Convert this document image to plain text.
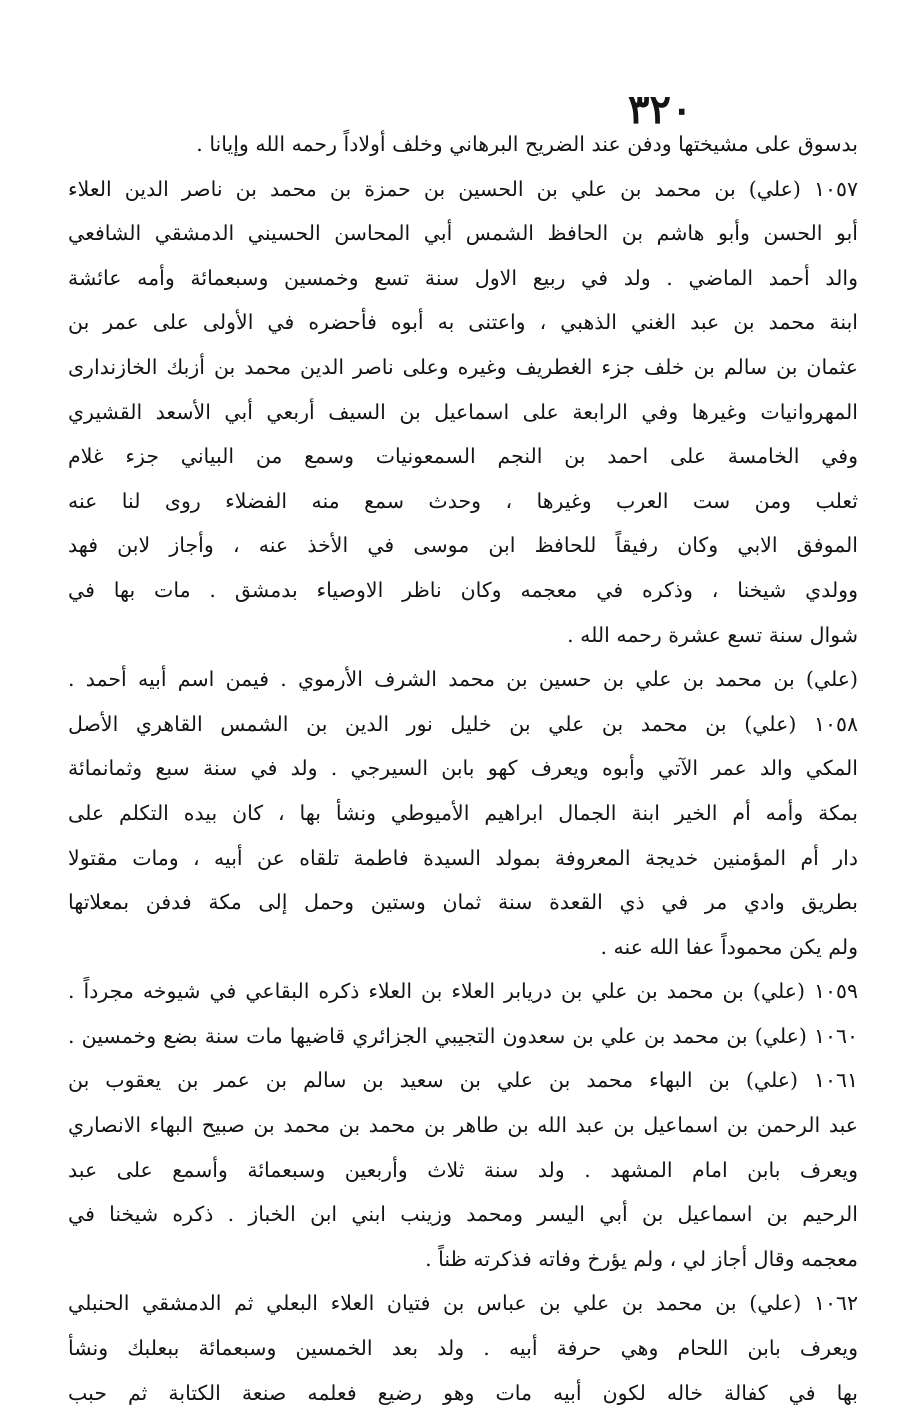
٣٢٠
بدسوق على مشيختها ودفن عند الضريح البرهاني وخلف أولاداً رحمه الله وإيانا .
١٠٥٧ (علي) بن محمد بن علي بن الحسين بن حمزة بن محمد بن ناصر الدين العلاء
أبو الحسن وأبو هاشم بن الحافظ الشمس أبي المحاسن الحسيني الدمشقي الشافعي
والد أحمد الماضي . ولد في ربيع الاول سنة تسع وخمسين وسبعمائة وأمه عائشة
ابنة محمد بن عبد الغني الذهبي ، واعتنى به أبوه فأحضره في الأولى على عمر بن
عثمان بن سالم بن خلف جزء الغطريف وغيره وعلى ناصر الدين محمد بن أزبك الخازندارى
المهروانيات وغيرها وفي الرابعة على اسماعيل بن السيف أربعي أبي الأسعد القشيري
وفي الخامسة على احمد بن النجم السمعونيات وسمع من البياني جزء غلام
ثعلب ومن ست العرب وغيرها ، وحدث سمع منه الفضلاء روى لنا عنه
الموفق الابي وكان رفيقاً للحافظ ابن موسى في الأخذ عنه ، وأجاز لابن فهد
وولدي شيخنا ، وذكره في معجمه وكان ناظر الاوصياء بدمشق . مات بها في
شوال سنة تسع عشرة رحمه الله .
(علي) بن محمد بن علي بن حسين بن محمد الشرف الأرموي . فيمن اسم أبيه أحمد .
١٠٥٨ (علي) بن محمد بن علي بن خليل نور الدين بن الشمس القاهري الأصل
المكي والد عمر الآتي وأبوه ويعرف كهو بابن السيرجي . ولد في سنة سبع وثمانمائة
بمكة وأمه أم الخير ابنة الجمال ابراهيم الأميوطي ونشأ بها ، كان بيده التكلم على
دار أم المؤمنين خديجة المعروفة بمولد السيدة فاطمة تلقاه عن أبيه ، ومات مقتولا
بطريق وادي مر في ذي القعدة سنة ثمان وستين وحمل إلى مكة فدفن بمعلاتها
ولم يكن محموداً عفا الله عنه .
١٠٥٩ (علي) بن محمد بن علي بن دريابر العلاء بن العلاء ذكره البقاعي في شيوخه مجرداً .
١٠٦٠ (علي) بن محمد بن علي بن سعدون التجيبي الجزائري قاضيها مات سنة بضع وخمسين .
١٠٦١ (علي) بن البهاء محمد بن علي بن سعيد بن سالم بن عمر بن يعقوب بن
عبد الرحمن بن اسماعيل بن عبد الله بن طاهر بن محمد بن محمد بن صبيح البهاء الانصاري
ويعرف بابن امام المشهد . ولد سنة ثلاث وأربعين وسبعمائة وأسمع على عبد
الرحيم بن اسماعيل بن أبي اليسر ومحمد وزينب ابني ابن الخباز . ذكره شيخنا في
معجمه وقال أجاز لي ، ولم يؤرخ وفاته فذكرته ظناً .
١٠٦٢ (علي) بن محمد بن علي بن عباس بن فتيان العلاء البعلي ثم الدمشقي الحنبلي
ويعرف بابن اللحام وهي حرفة أبيه . ولد بعد الخمسين وسبعمائة ببعلبك ونشأ
بها في كفالة خاله لكون أبيه مات وهو رضيع فعلمه صنعة الكتابة ثم حبب
